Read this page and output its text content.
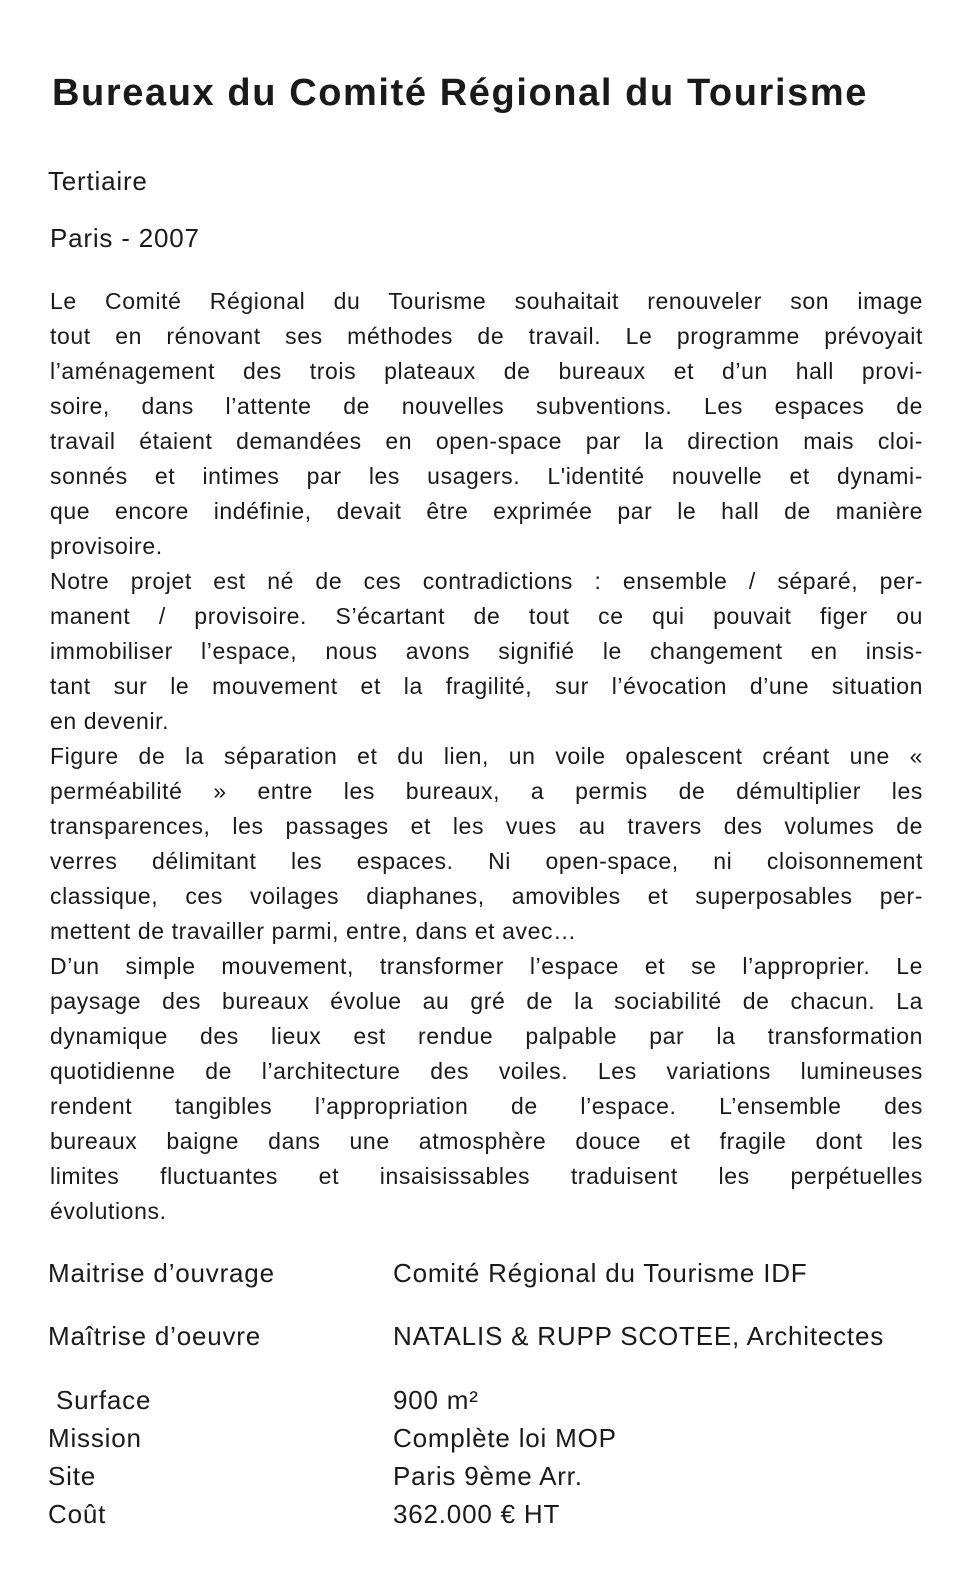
Bureaux du Comité Régional du Tourisme
Tertiaire
Paris - 2007
Le Comité Régional du Tourisme souhaitait renouveler son image
tout en rénovant ses méthodes de travail. Le programme prévoyait
l’aménagement des trois plateaux de bureaux et d’un hall provi-
soire, dans l’attente de nouvelles subventions. Les espaces de
travail étaient demandées en open-space par la direction mais cloi-
sonnés et intimes par les usagers. L'identité nouvelle et dynami-
que encore indéfinie, devait être exprimée par le hall de manière
provisoire.
Notre projet est né de ces contradictions : ensemble / séparé, per-
manent / provisoire. S’écartant de tout ce qui pouvait figer ou
immobiliser l’espace, nous avons signifié le changement en insis-
tant sur le mouvement et la fragilité, sur l’évocation d’une situation
en devenir.
Figure de la séparation et du lien, un voile opalescent créant une «
perméabilité » entre les bureaux, a permis de démultiplier les
transparences, les passages et les vues au travers des volumes de
verres délimitant les espaces. Ni open-space, ni cloisonnement
classique, ces voilages diaphanes, amovibles et superposables per-
mettent de travailler parmi, entre, dans et avec…
D’un simple mouvement, transformer l’espace et se l’approprier. Le
paysage des bureaux évolue au gré de la sociabilité de chacun. La
dynamique des lieux est rendue palpable par la transformation
quotidienne de l’architecture des voiles. Les variations lumineuses
rendent tangibles l’appropriation de l’espace. L’ensemble des
bureaux baigne dans une atmosphère douce et fragile dont les
limites fluctuantes et insaisissables traduisent les perpétuelles
évolutions.
Maitrise d’ouvrage	Comité Régional du Tourisme IDF
Maîtrise d’oeuvre	NATALIS & RUPP SCOTEE, Architectes
Surface	900 m²
Mission	Complète loi MOP
Site	Paris 9ème Arr.
Coût	362.000 € HT
